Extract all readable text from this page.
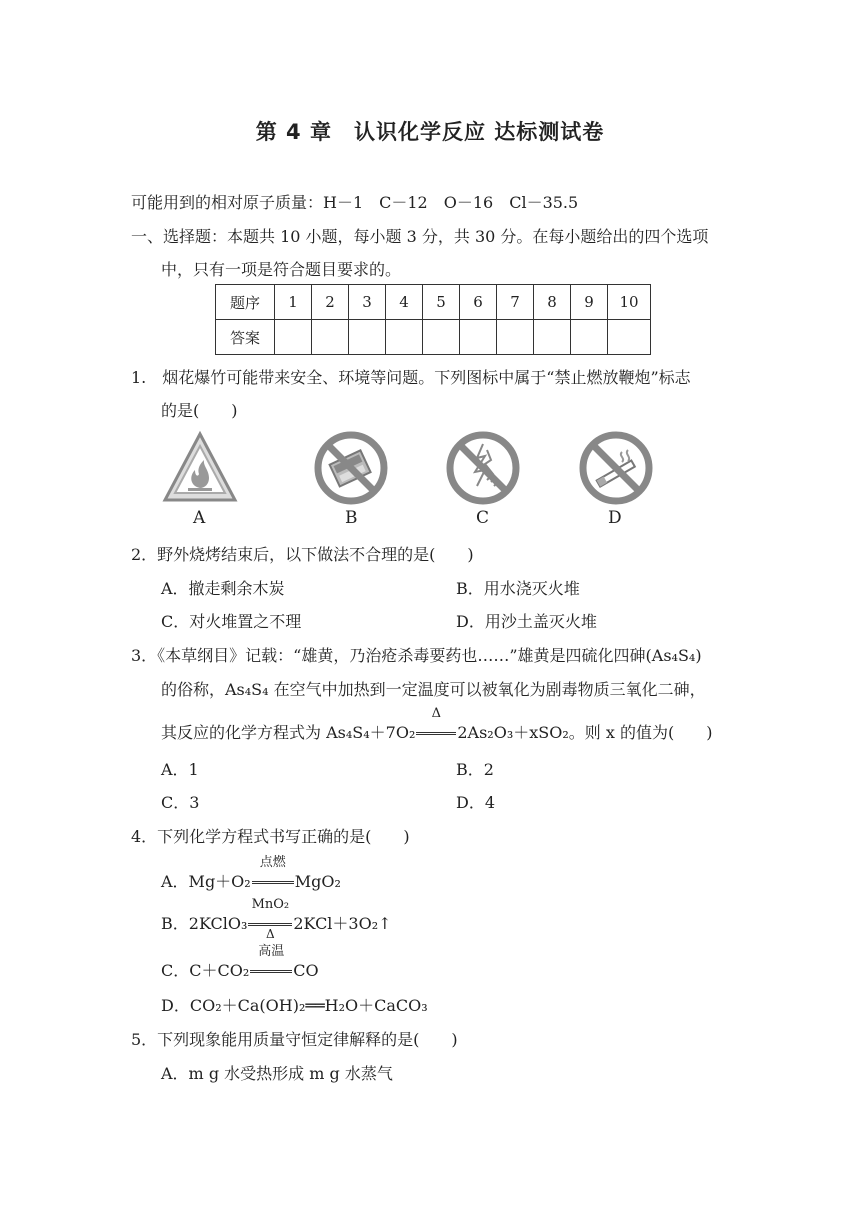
第 4 章　认识化学反应 达标测试卷
可能用到的相对原子质量：H－1　C－12　O－16　Cl－35.5
一、选择题：本题共 10 小题，每小题 3 分，共 30 分。在每小题给出的四个选项
中，只有一项是符合题目要求的。
题序	1	2	3	4	5	6	7	8	9	10
答案										
1.　烟花爆竹可能带来安全、环境等问题。下列图标中属于“禁止燃放鞭炮”标志
的是(　　)
A	B	C	D
2．野外烧烤结束后，以下做法不合理的是(　　)
A．撤走剩余木炭	B．用水浇灭火堆
C．对火堆置之不理	D．用沙土盖灭火堆
3．《本草纲目》记载：“雄黄，乃治疮杀毒要药也……”雄黄是四硫化四砷(As₄S₄)
的俗称，As₄S₄ 在空气中加热到一定温度可以被氧化为剧毒物质三氧化二砷，
其反应的化学方程式为 As₄S₄＋7O₂
Δ
2As₂O₃＋xSO₂。则 x 的值为(　　)
A．1	B．2
C．3	D．4
4．下列化学方程式书写正确的是(　　)
A．Mg＋O₂
点燃
MgO₂
B．2KClO₃
MnO₂
Δ
2KCl＋3O₂↑
C．C＋CO₂
高温
CO
D．CO₂＋Ca(OH)₂══H₂O＋CaCO₃
5．下列现象能用质量守恒定律解释的是(　　)
A．m g 水受热形成 m g 水蒸气
